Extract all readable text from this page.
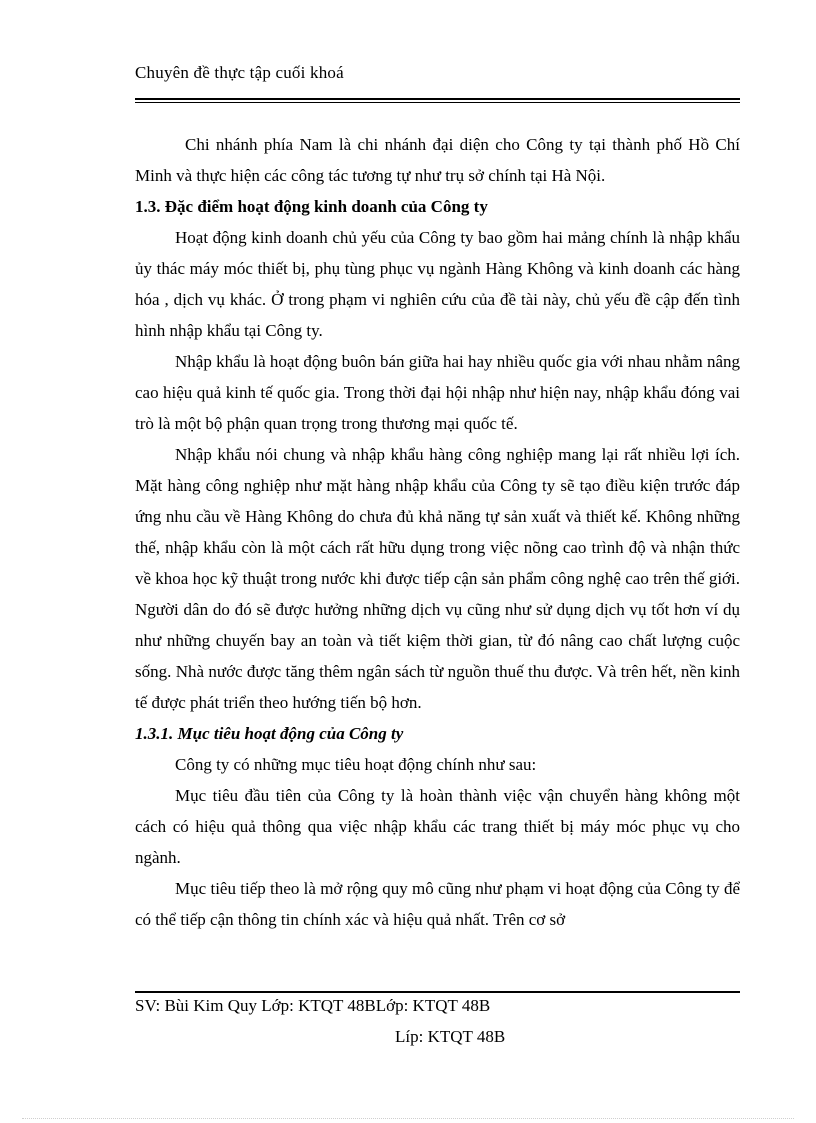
Chuyên đề thực tập cuối khoá

Chi nhánh phía Nam là chi nhánh đại diện cho Công ty tại thành phố Hồ Chí Minh và thực hiện các công tác tương tự như trụ sở chính tại Hà Nội.

1.3. Đặc điểm hoạt động kinh doanh của Công ty

Hoạt động kinh doanh chủ yếu của Công ty bao gồm hai mảng chính là nhập khẩu ủy thác máy móc thiết bị, phụ tùng phục vụ ngành Hàng Không và kinh doanh các hàng hóa , dịch vụ khác. Ở trong phạm vi nghiên cứu của đề tài này, chủ yếu đề cập đến tình hình nhập khẩu tại Công ty.

Nhập khẩu là hoạt động buôn bán giữa hai hay nhiều quốc gia với nhau nhằm nâng cao hiệu quả kinh tế quốc gia. Trong thời đại hội nhập như hiện nay, nhập khẩu đóng vai trò là một bộ phận quan trọng trong thương mại quốc tế.

Nhập khẩu nói chung và nhập khẩu hàng công nghiệp mang lại rất nhiều lợi ích. Mặt hàng công nghiệp như mặt hàng nhập khẩu của Công ty sẽ tạo điều kiện trước đáp ứng nhu cầu về Hàng Không do chưa đủ khả năng tự sản xuất và thiết kế. Không những thế, nhập khẩu còn là một cách rất hữu dụng trong việc nõng cao trình độ và nhận thức về khoa học kỹ thuật trong nước khi được tiếp cận sản phẩm công nghệ cao trên thế giới. Người dân do đó sẽ được hưởng những dịch vụ cũng như sử dụng dịch vụ tốt hơn ví dụ như những chuyến bay an toàn và tiết kiệm thời gian, từ đó nâng cao chất lượng cuộc sống. Nhà nước được tăng thêm ngân sách từ nguồn thuế thu được. Và trên hết, nền kinh tế được phát triển theo hướng tiến bộ hơn.

1.3.1. Mục tiêu hoạt động của Công ty

Công ty có những mục tiêu hoạt động chính như sau:

Mục tiêu đầu tiên của Công ty là hoàn thành việc vận chuyển hàng không một cách có hiệu quả thông qua việc nhập khẩu các trang thiết bị máy móc phục vụ cho ngành.

Mục tiêu tiếp theo là mở rộng quy mô cũng như phạm vi hoạt động của Công ty để có thể tiếp cận thông tin chính xác và hiệu quả nhất. Trên cơ sở

SV: Bùi Kim Quy Lớp: KTQT 48BLớp: KTQT 48B
Líp: KTQT 48B
